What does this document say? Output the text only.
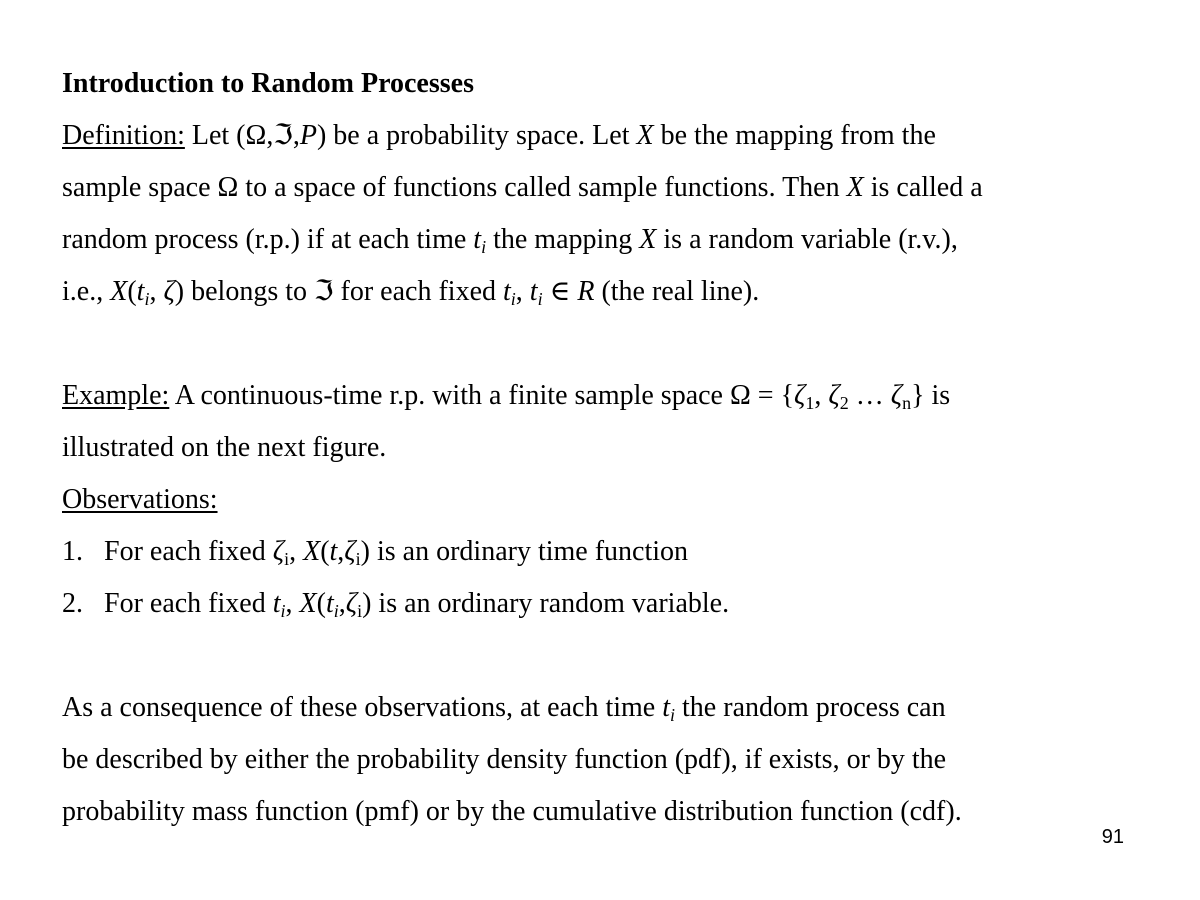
Introduction to Random Processes
Definition: Let (Ω,ℑ,P) be a probability space. Let X be the mapping from the
sample space Ω to a space of functions called sample functions. Then X is called a
random process (r.p.) if at each time $t_i$ the mapping X is a random variable (r.v.),
i.e., $X(t_i$, ζ) belongs to ℑ for each fixed $t_i$, $t_i$ ∈ R (the real line).
Example: A continuous-time r.p. with a finite sample space $\Omega = \{\zeta_1$, $\zeta_2$ … $\zeta_n$} is
illustrated on the next figure.
Observations:
1. For each fixed $\zeta_i$, $X(t,\zeta_i)$ is an ordinary time function
2. For each fixed $t_i$, $X(t_i,\zeta_i)$ is an ordinary random variable.
As a consequence of these observations, at each time $t_i$ the random process can
be described by either the probability density function (pdf), if exists, or by the
probability mass function (pmf) or by the cumulative distribution function (cdf).
91
